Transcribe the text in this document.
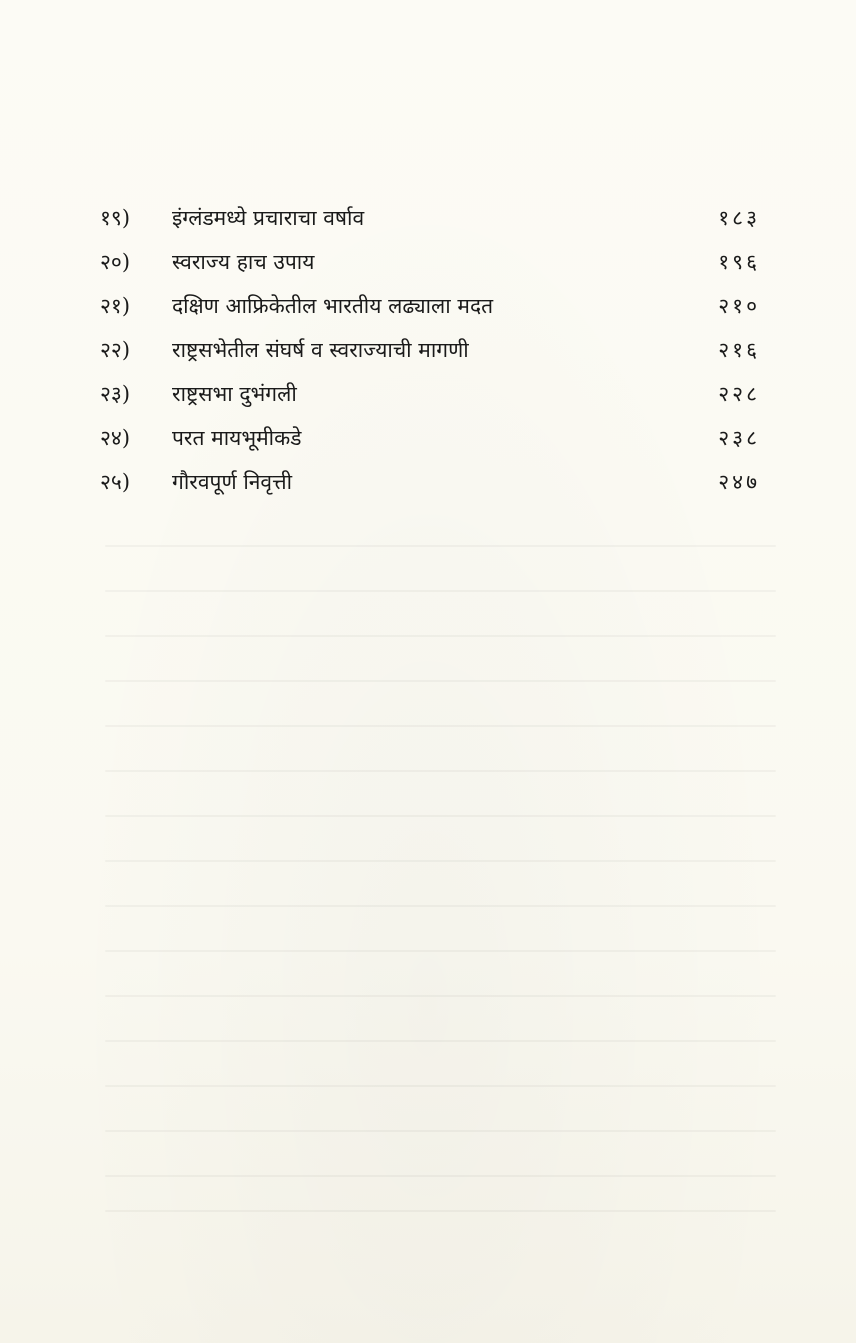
१९)	इंग्लंडमध्ये प्रचाराचा वर्षाव	१८३
२०)	स्वराज्य हाच उपाय	१९६
२१)	दक्षिण आफ्रिकेतील भारतीय लढ्याला मदत	२१०
२२)	राष्ट्रसभेतील संघर्ष व स्वराज्याची मागणी	२१६
२३)	राष्ट्रसभा दुभंगली	२२८
२४)	परत मायभूमीकडे	२३८
२५)	गौरवपूर्ण निवृत्ती	२४७
